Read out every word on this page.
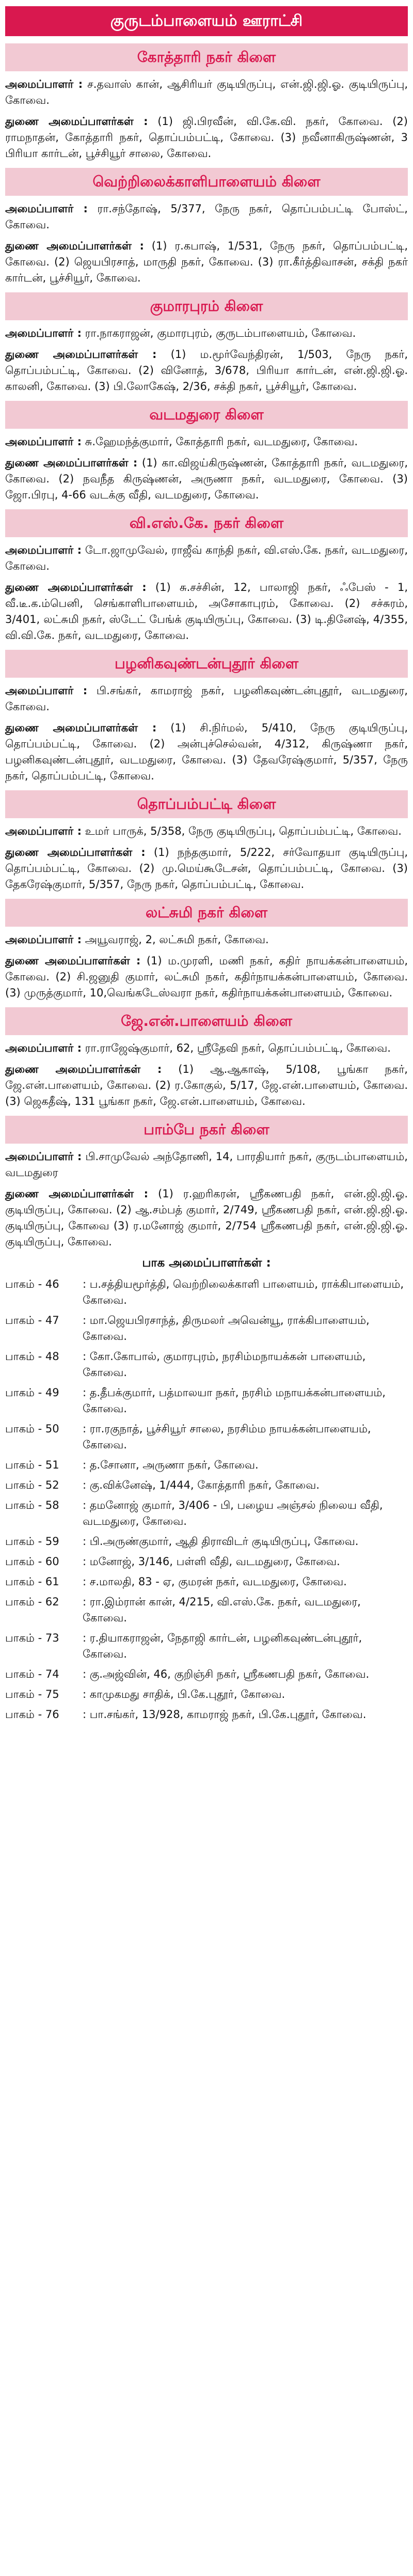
குருடம்பாளையம் ஊராட்சி
கோத்தாரி நகர் கிளை

அமைப்பாளர் : ச.தவாஸ் கான், ஆசிரியர் குடியிருப்பு, என்.ஜி.ஜி.ஓ. குடியிருப்பு, கோவை.

துணை அமைப்பாளர்கள் : (1) ஜி.பிரவீன், வி.கே.வி. நகர், கோவை. (2) ராமநாதன், கோத்தாரி நகர், தொப்பம்பட்டி, கோவை. (3) நவீனாகிருஷ்ணன், 3 பிரியா கார்டன், பூச்சியூர் சாலை, கோவை.

வெற்றிலைக்காளிபாளையம் கிளை

அமைப்பாளர் : ரா.சந்தோஷ், 5/377, நேரு நகர், தொப்பம்பட்டி போஸ்ட், கோவை.

துணை அமைப்பாளர்கள் : (1) ர.கபாஷ், 1/531, நேரு நகர், தொப்பம்பட்டி, கோவை. (2) ஜெயபிரசாத், மாருதி நகர், கோவை. (3) ரா.கீர்த்திவாசன், சக்தி நகர் கார்டன், பூச்சியூர், கோவை.

குமாரபுரம் கிளை

அமைப்பாளர் : ரா.நாகராஜன், குமாரபுரம், குருடம்பாளையம், கோவை.

துணை அமைப்பாளர்கள் : (1) ம.மூர்வேந்திரன், 1/503, நேரு நகர், தொப்பம்பட்டி, கோவை. (2) வினோத், 3/678, பிரியா கார்டன், என்.ஜி.ஜி.ஓ. காலனி, கோவை. (3) பி.லோகேஷ், 2/36, சக்தி நகர், பூச்சியூர், கோவை.

வடமதுரை கிளை

அமைப்பாளர் : சு.ஹேமந்த்குமார், கோத்தாரி நகர், வடமதுரை, கோவை.

துணை அமைப்பாளர்கள் : (1) கா.விஜய்கிருஷ்ணன், கோத்தாரி நகர், வடமதுரை, கோவை. (2) நவநீத கிருஷ்ணன், அருணா நகர், வடமதுரை, கோவை. (3) ஜோ.பிரபு, 4-66 வடக்கு வீதி, வடமதுரை, கோவை.

வி.எஸ்.கே. நகர் கிளை

அமைப்பாளர் : டோ.ஜாமுவேல், ராஜீவ் காந்தி நகர், வி.எஸ்.கே. நகர், வடமதுரை, கோவை.

துணை அமைப்பாளர்கள் : (1) சு.சச்சின், 12, பாலாஜி நகர், ஃபேஸ் - 1, வீ.டீ.க.ம்பெனி, செங்காளிபாளையம், அசோகாபுரம், கோவை. (2) சச்சுரம், 3/401, லட்சுமி நகர், ஸ்டேட் பேங்க் குடியிருப்பு, கோவை. (3) டி.தினேஷ், 4/355, வி.வி.கே. நகர், வடமதுரை, கோவை.

பழனிகவுண்டன்புதூர் கிளை

அமைப்பாளர் : பி.சங்கர், காமராஜ் நகர், பழனிகவுண்டன்புதூர், வடமதுரை, கோவை.

துணை அமைப்பாளர்கள் : (1) சி.நிர்மல், 5/410, நேரு குடியிருப்பு, தொப்பம்பட்டி, கோவை. (2) அன்புச்செல்வன், 4/312, கிருஷ்ணா நகர், பழனிகவுண்டன்புதூர், வடமதுரை, கோவை. (3) தேவரேஷ்குமார், 5/357, நேரு நகர், தொப்பம்பட்டி, கோவை.

தொப்பம்பட்டி கிளை

அமைப்பாளர் : உமர் பாருக், 5/358, நேரு குடியிருப்பு, தொப்பம்பட்டி, கோவை.

துணை அமைப்பாளர்கள் : (1) நந்தகுமார், 5/222, சர்வோதயா குடியிருப்பு, தொப்பம்பட்டி, கோவை. (2) மு.மெய்கூடேசன், தொப்பம்பட்டி, கோவை. (3) தேகரேஷ்குமார், 5/357, நேரு நகர், தொப்பம்பட்டி, கோவை.

லட்சுமி நகர் கிளை

அமைப்பாளர் : அயூவராஜ், 2, லட்சுமி நகர், கோவை.

துணை அமைப்பாளர்கள் : (1) ம.முரளி, மணி நகர், கதிர் நாயக்கன்பாளையம், கோவை. (2) சி.ஜனுதி குமார், லட்சுமி நகர், கதிர்நாயக்கன்பாளையம், கோவை. (3) முருத்குமார், 10,வெங்கடேஸ்வரா நகர், கதிர்நாயக்கன்பாளையம், கோவை.

ஜே.என்.பாளையம் கிளை

அமைப்பாளர் : ரா.ராஜேஷ்குமார், 62, ஸ்ரீதேவி நகர், தொப்பம்பட்டி, கோவை.

துணை அமைப்பாளர்கள் : (1) ஆ.ஆகாஷ், 5/108, பூங்கா நகர், ஜே.என்.பாளையம், கோவை. (2) ர.கோகுல், 5/17, ஜே.என்.பாளையம், கோவை. (3) ஜெகதீஷ், 131 பூங்கா நகர், ஜே.என்.பாளையம், கோவை.

பாம்பே நகர் கிளை

அமைப்பாளர் : பி.சாமுவேல் அந்தோணி, 14, பாரதியார் நகர், குருடம்பாளையம், வடமதுரை

துணை அமைப்பாளர்கள் : (1) ர.ஹரிகரன், ஸ்ரீகணபதி நகர், என்.ஜி.ஜி.ஓ. குடியிருப்பு, கோவை. (2) ஆ.சம்பத் குமார், 2/749, ஸ்ரீகணபதி நகர், என்.ஜி.ஜி.ஓ. குடியிருப்பு, கோவை (3) ர.மனோஜ் குமார், 2/754 ஸ்ரீகணபதி நகர், என்.ஜி.ஜி.ஓ. குடியிருப்பு, கோவை.

பாக அமைப்பாளர்கள் :
பாகம் - 46	: ப.சத்தியமூர்த்தி, வெற்றிலைக்காளி பாளையம், ராக்கிபாளையம், கோவை.
பாகம் - 47	: மா.ஜெயபிரசாந்த், திருமலர் அவென்யூ, ராக்கிபாளையம், கோவை.
பாகம் - 48	: கோ.கோபால், குமாரபுரம், நரசிம்மநாயக்கன் பாளையம், கோவை.
பாகம் - 49	: த.தீபக்குமார், பத்மாலயா நகர், நரசிம் மநாயக்கன்பாளையம், கோவை.
பாகம் - 50	: ரா.ரகுநாத், பூச்சியூர் சாலை, நரசிம்ம நாயக்கன்பாளையம், கோவை.
பாகம் - 51	: த.சோனா, அருணா நகர், கோவை.
பாகம் - 52	: கு.விக்னேஷ், 1/444, கோத்தாரி நகர், கோவை.
பாகம் - 58	: தமனோஜ் குமார், 3/406 - பி, பழைய அஞ்சல் நிலைய வீதி, வடமதுரை, கோவை.
பாகம் - 59	: பி.அருண்குமார், ஆதி திராவிடர் குடியிருப்பு, கோவை.
பாகம் - 60	: மனோஜ், 3/146, பள்ளி வீதி, வடமதுரை, கோவை.
பாகம் - 61	: ச.மாலதி, 83 - ஏ, குமரன் நகர், வடமதுரை, கோவை.
பாகம் - 62	: ரா.இம்ரான் கான், 4/215, வி.எஸ்.கே. நகர், வடமதுரை, கோவை.
பாகம் - 73	: ர.தியாகராஜன், நேதாஜி கார்டன், பழனிகவுண்டன்புதூர், கோவை.
பாகம் - 74	: கு.அஜ்வின், 46, குறிஞ்சி நகர், ஸ்ரீகணபதி நகர், கோவை.
பாகம் - 75	: காமுகமது சாதிக், பி.கே.புதூர், கோவை.
பாகம் - 76	: பா.சங்கர், 13/928, காமராஜ் நகர், பி.கே.புதூர், கோவை.
